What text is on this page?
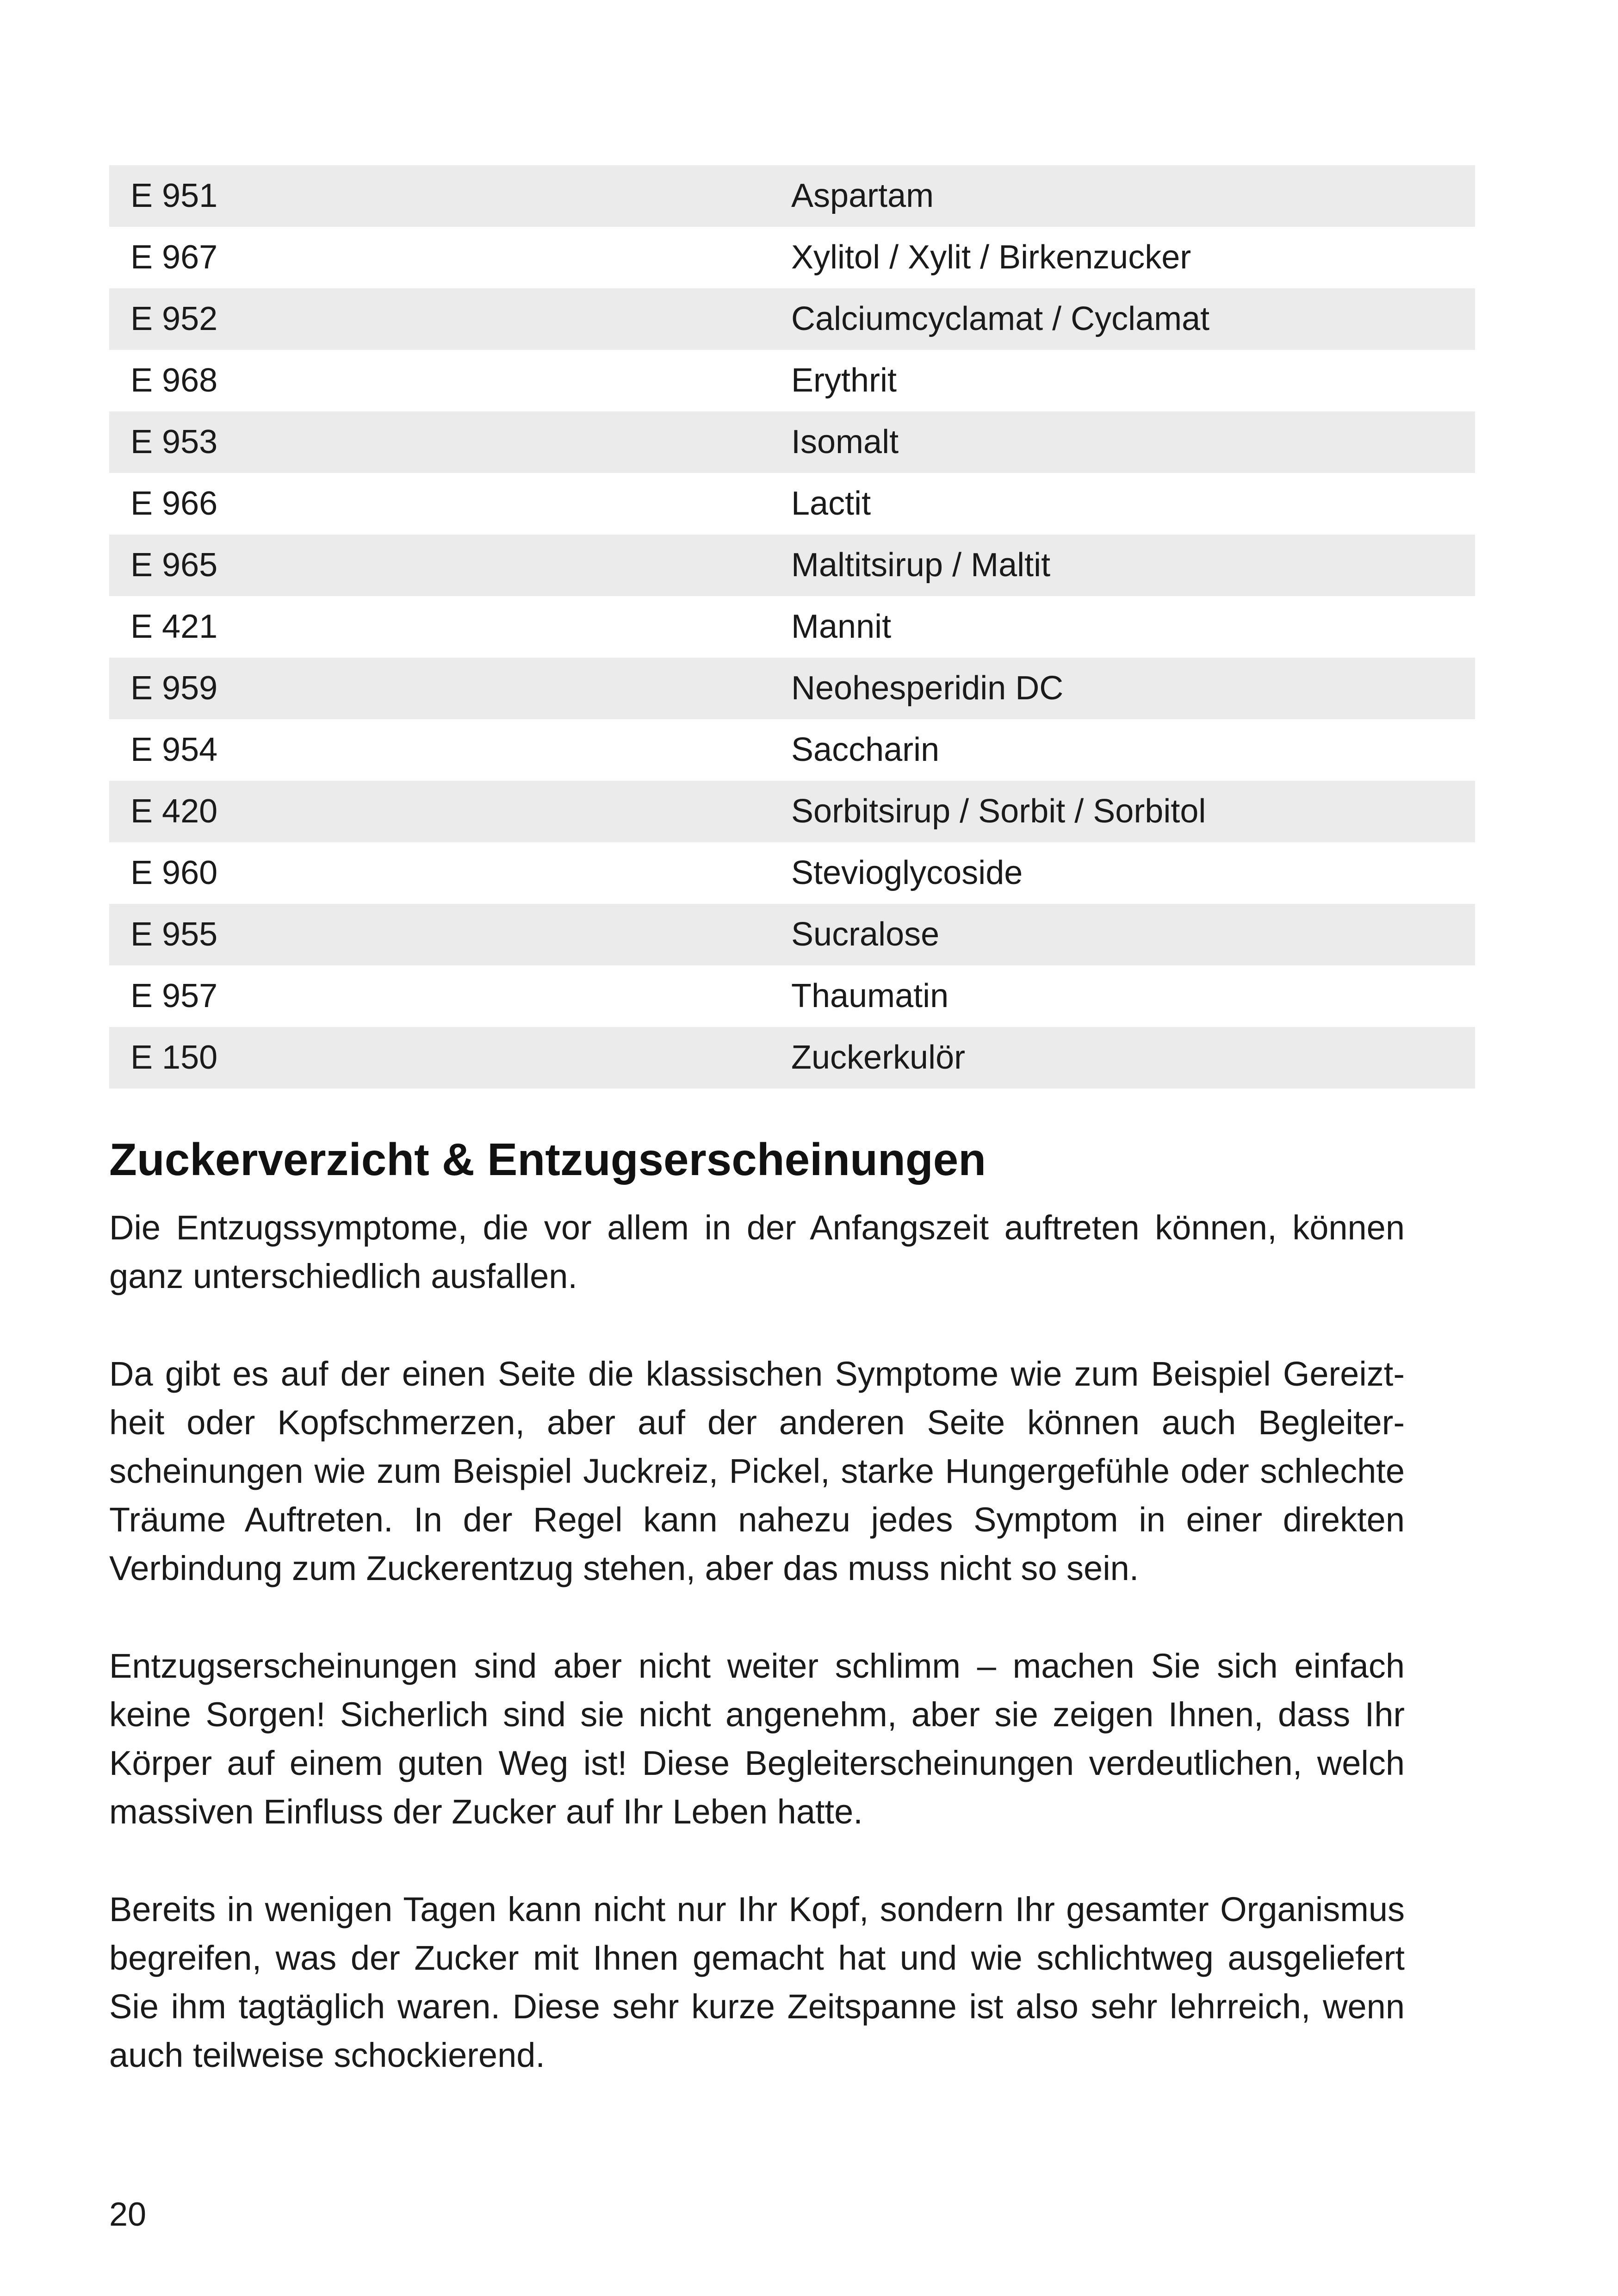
E 951	Aspartam
E 967	Xylitol / Xylit / Birkenzucker
E 952	Calciumcyclamat / Cyclamat
E 968	Erythrit
E 953	Isomalt
E 966	Lactit
E 965	Maltitsirup / Maltit
E 421	Mannit
E 959	Neohesperidin DC
E 954	Saccharin
E 420	Sorbitsirup / Sorbit / Sorbitol
E 960	Stevioglycoside
E 955	Sucralose
E 957	Thaumatin
E 150	Zuckerkulör
Zuckerverzicht & Entzugserscheinungen

Die Entzugssymptome, die vor allem in der Anfangszeit auftreten können, können ganz unterschiedlich ausfallen.

Da gibt es auf der einen Seite die klassischen Symptome wie zum Beispiel Gereiztheit oder Kopfschmerzen, aber auf der anderen Seite können auch Begleiterscheinungen wie zum Beispiel Juckreiz, Pickel, starke Hungergefühle oder schlechte Träume Auftreten. In der Regel kann nahezu jedes Symptom in einer direkten Verbindung zum Zuckerentzug stehen, aber das muss nicht so sein.

Entzugserscheinungen sind aber nicht weiter schlimm – machen Sie sich einfach keine Sorgen! Sicherlich sind sie nicht angenehm, aber sie zeigen Ihnen, dass Ihr Körper auf einem guten Weg ist! Diese Begleiterscheinungen verdeutlichen, welch massiven Einfluss der Zucker auf Ihr Leben hatte.

Bereits in wenigen Tagen kann nicht nur Ihr Kopf, sondern Ihr gesamter Organismus begreifen, was der Zucker mit Ihnen gemacht hat und wie schlichtweg ausgeliefert Sie ihm tagtäglich waren. Diese sehr kurze Zeitspanne ist also sehr lehrreich, wenn auch teilweise schockierend.

20
